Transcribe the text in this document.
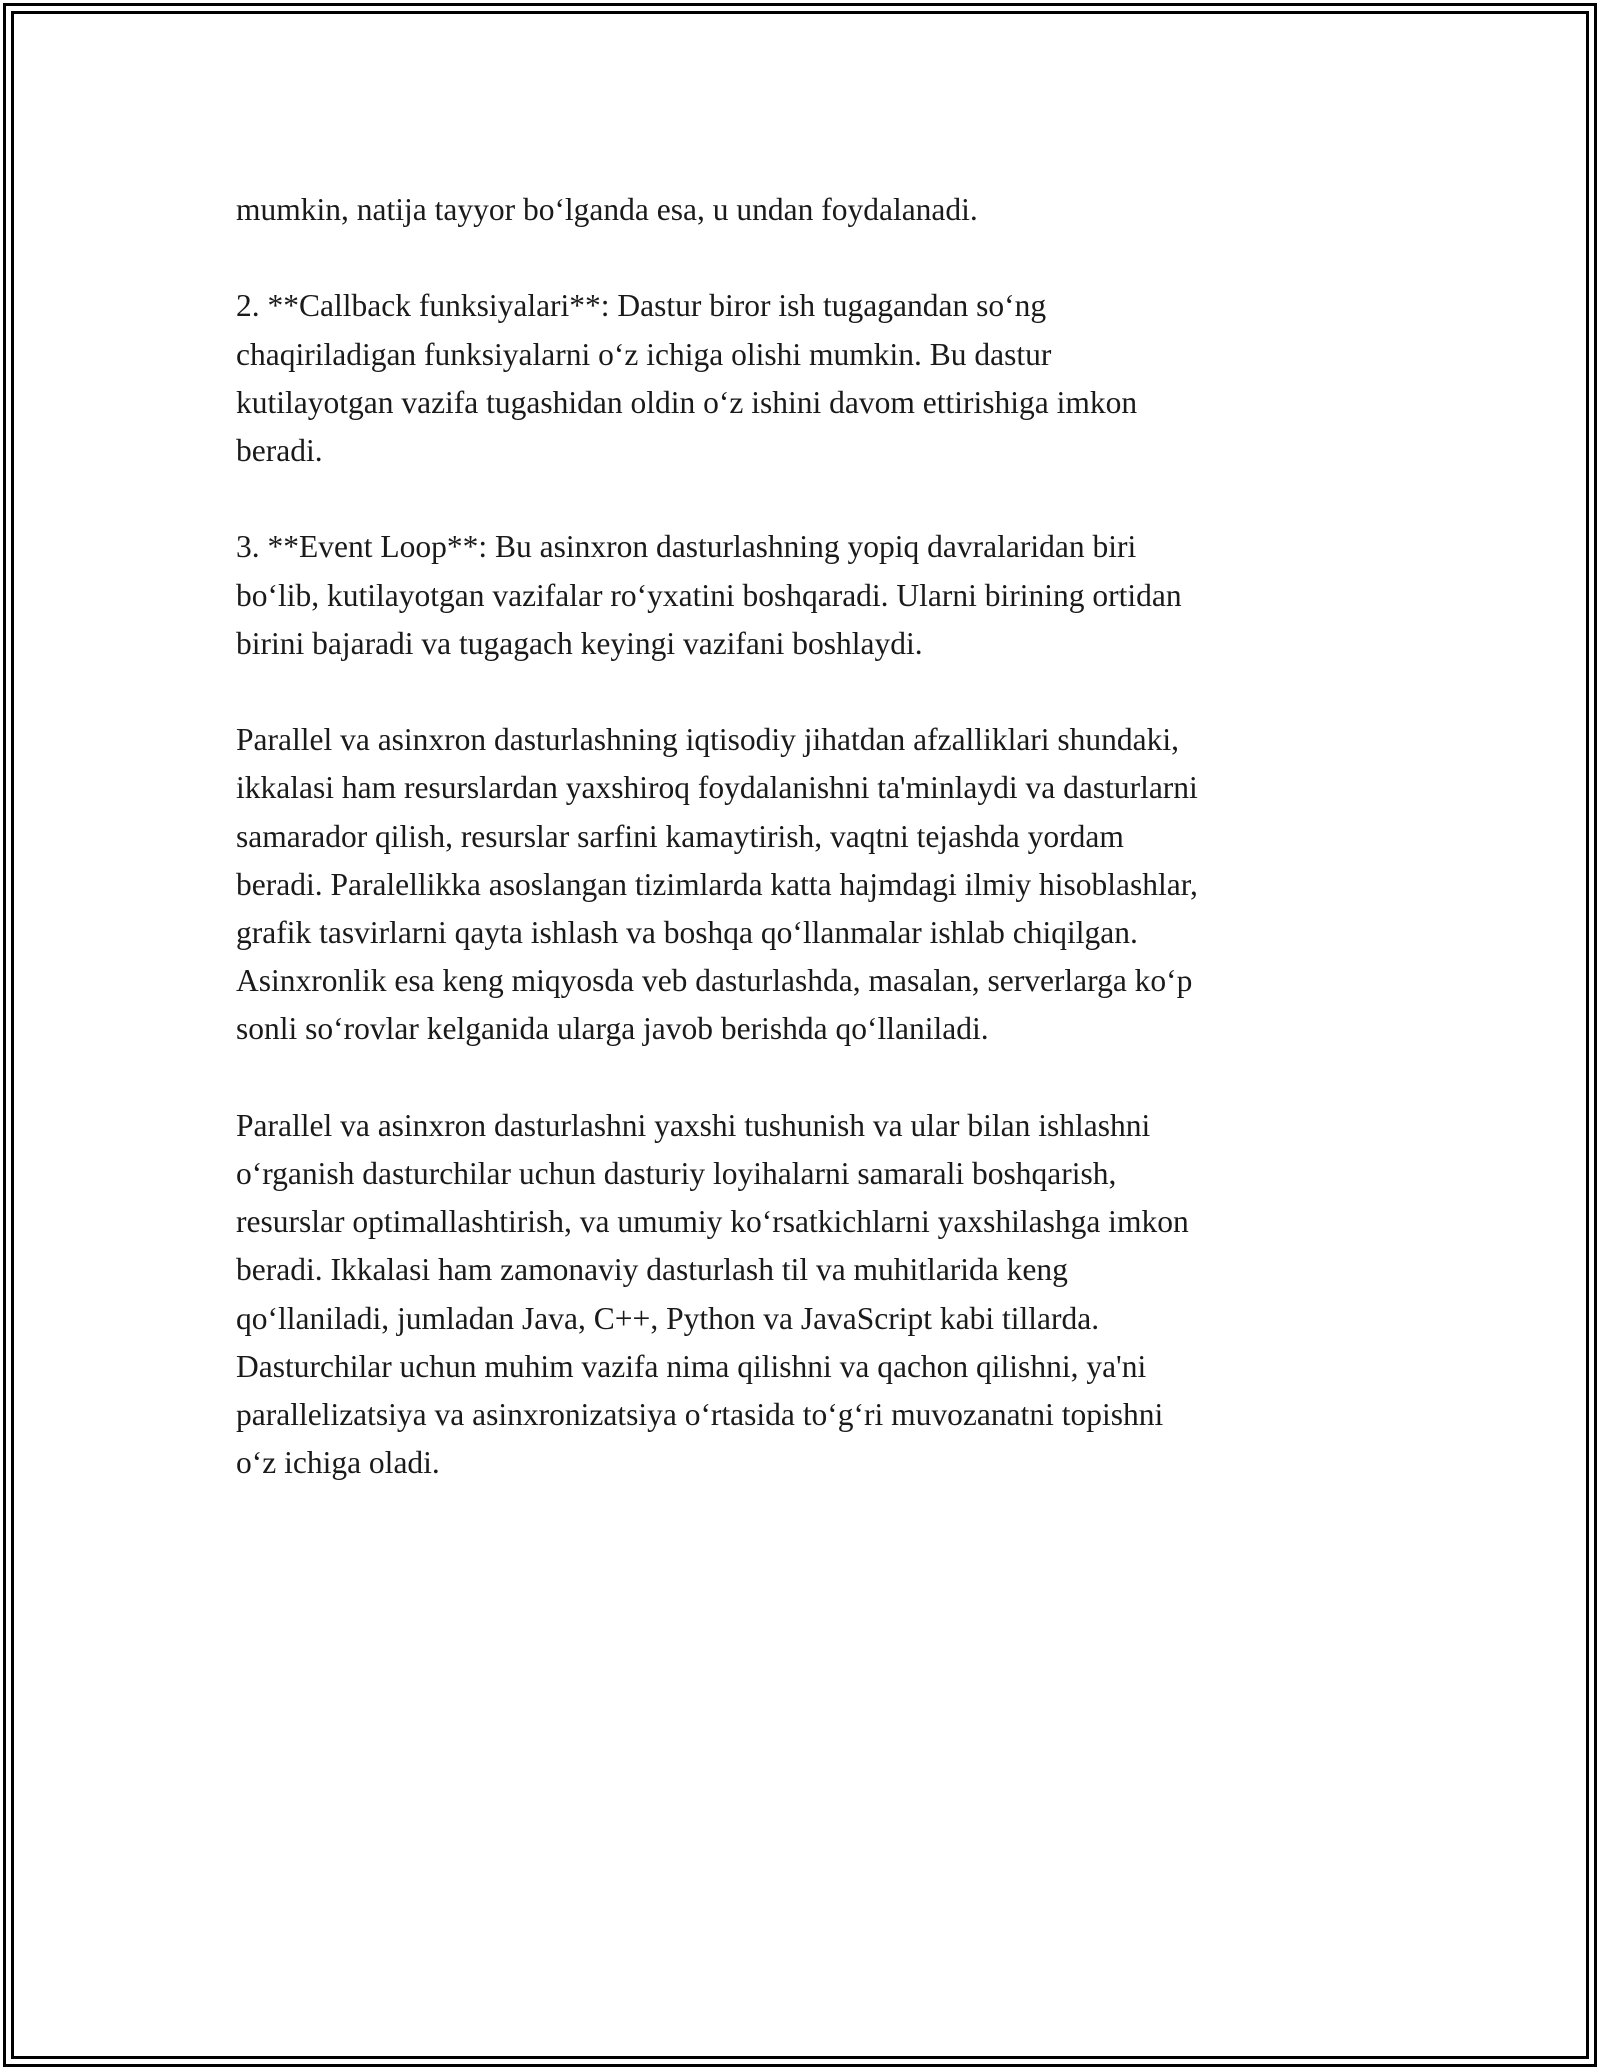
mumkin, natija tayyor bo‘lganda esa, u undan foydalanadi.

2. **Callback funksiyalari**: Dastur biror ish tugagandan so‘ng
chaqiriladigan funksiyalarni o‘z ichiga olishi mumkin. Bu dastur
kutilayotgan vazifa tugashidan oldin o‘z ishini davom ettirishiga imkon
beradi.

3. **Event Loop**: Bu asinxron dasturlashning yopiq davralaridan biri
bo‘lib, kutilayotgan vazifalar ro‘yxatini boshqaradi. Ularni birining ortidan
birini bajaradi va tugagach keyingi vazifani boshlaydi.

Parallel va asinxron dasturlashning iqtisodiy jihatdan afzalliklari shundaki,
ikkalasi ham resurslardan yaxshiroq foydalanishni ta'minlaydi va dasturlarni
samarador qilish, resurslar sarfini kamaytirish, vaqtni tejashda yordam
beradi. Paralellikka asoslangan tizimlarda katta hajmdagi ilmiy hisoblashlar,
grafik tasvirlarni qayta ishlash va boshqa qo‘llanmalar ishlab chiqilgan.
Asinxronlik esa keng miqyosda veb dasturlashda, masalan, serverlarga ko‘p
sonli so‘rovlar kelganida ularga javob berishda qo‘llaniladi.

Parallel va asinxron dasturlashni yaxshi tushunish va ular bilan ishlashni
o‘rganish dasturchilar uchun dasturiy loyihalarni samarali boshqarish,
resurslar optimallashtirish, va umumiy ko‘rsatkichlarni yaxshilashga imkon
beradi. Ikkalasi ham zamonaviy dasturlash til va muhitlarida keng
qo‘llaniladi, jumladan Java, C++, Python va JavaScript kabi tillarda.
Dasturchilar uchun muhim vazifa nima qilishni va qachon qilishni, ya'ni
parallelizatsiya va asinxronizatsiya o‘rtasida to‘g‘ri muvozanatni topishni
o‘z ichiga oladi.
